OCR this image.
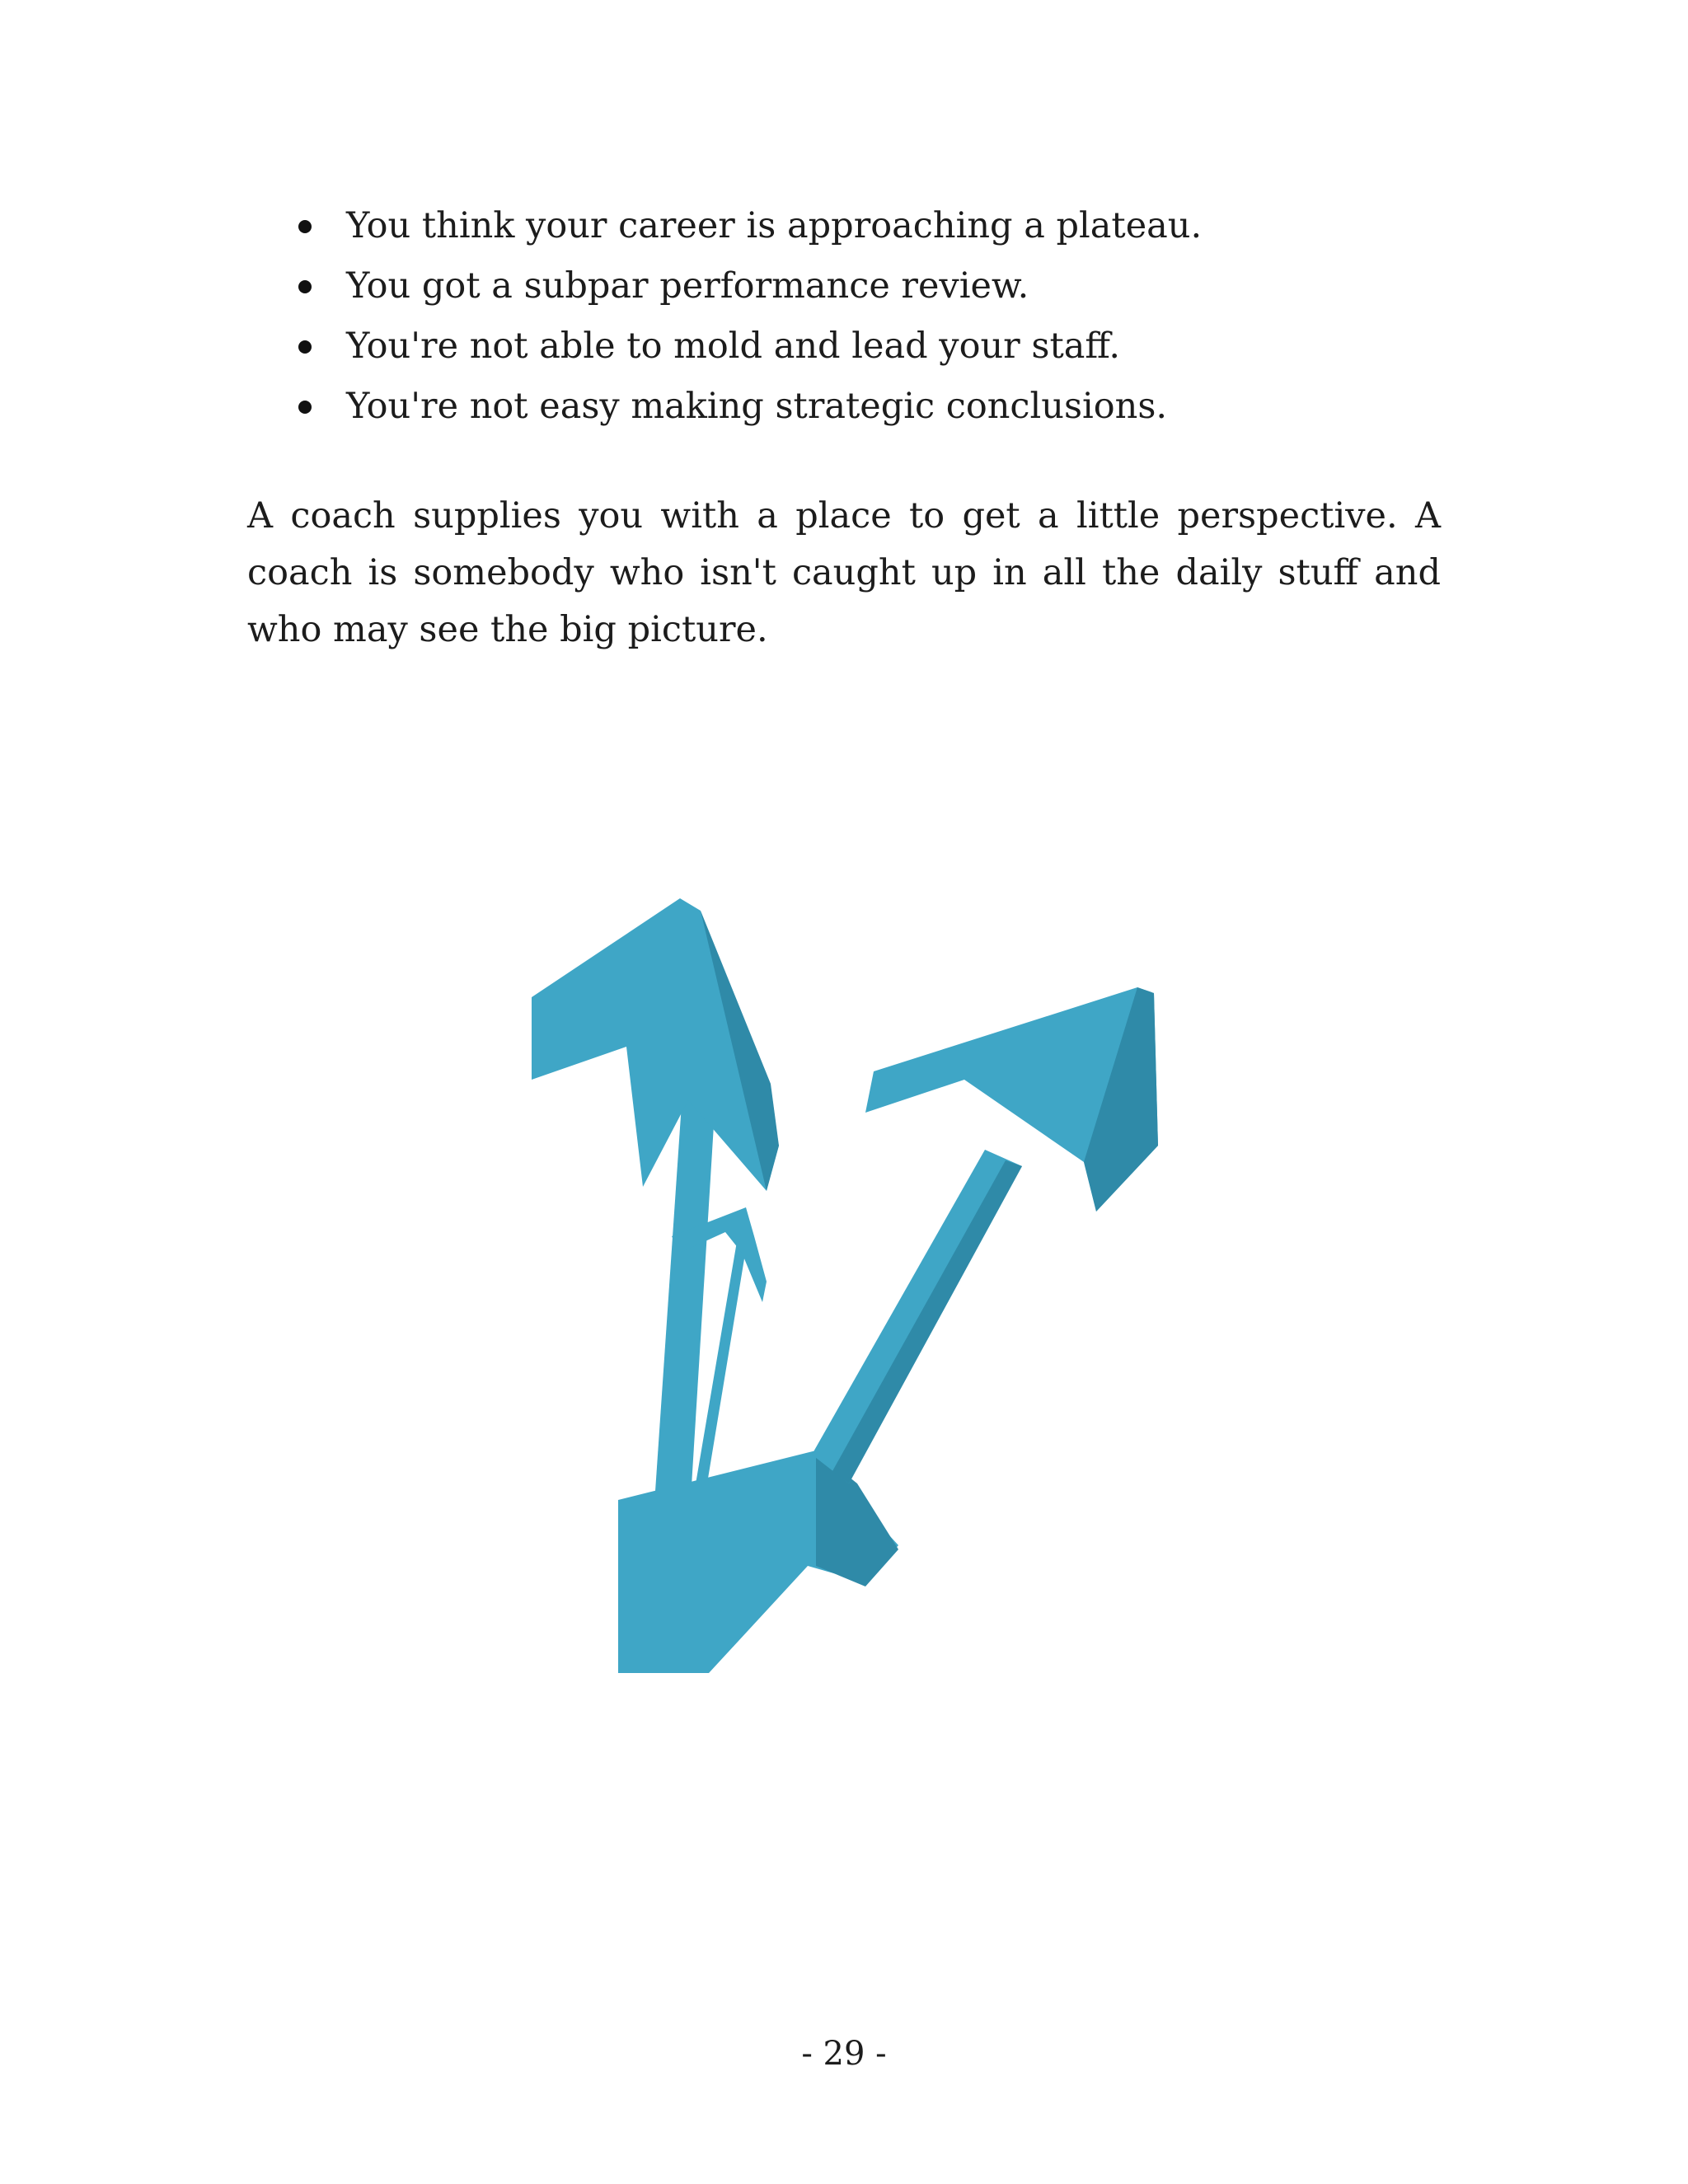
You think your career is approaching a plateau.
You got a subpar performance review.
You're not able to mold and lead your staff.
You're not easy making strategic conclusions.

A coach supplies you with a place to get a little perspective. A coach is somebody who isn't caught up in all the daily stuff and who may see the big picture.

- 29 -
